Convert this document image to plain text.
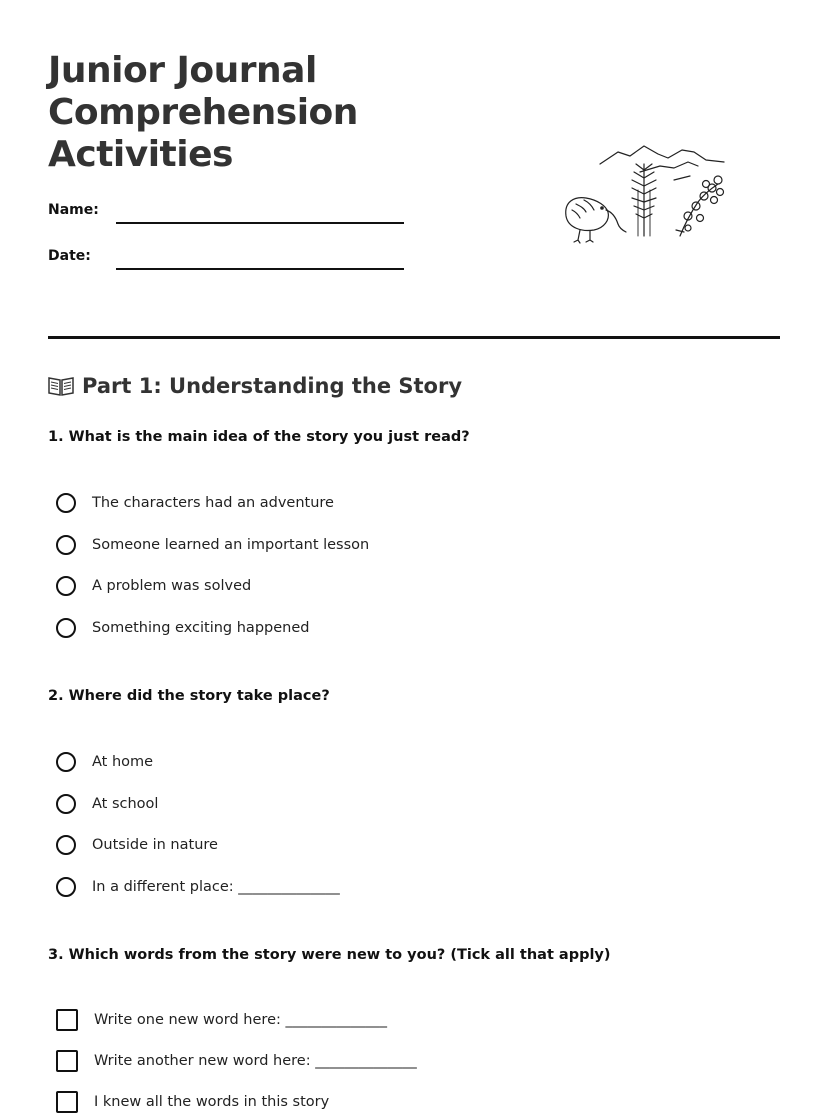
Junior Journal
Comprehension
Activities
Name:
Date:
Part 1: Understanding the Story

1. What is the main idea of the story you just read?

The characters had an adventure
Someone learned an important lesson
A problem was solved
Something exciting happened

2. Where did the story take place?

At home
At school
Outside in nature
In a different place: ______________

3. Which words from the story were new to you? (Tick all that apply)

Write one new word here: ______________
Write another new word here: ______________
I knew all the words in this story
